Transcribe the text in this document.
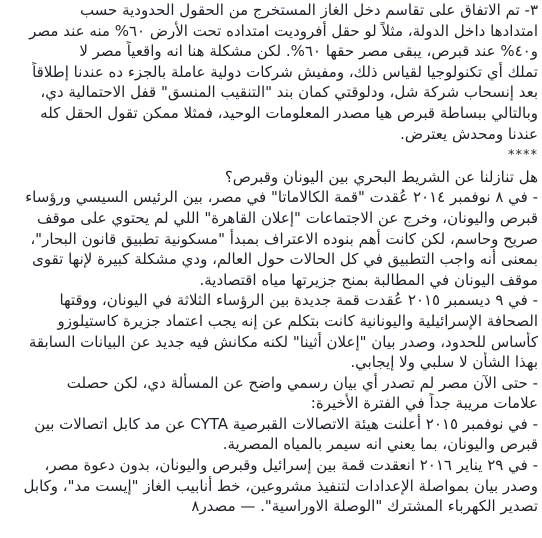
٣- تم الاتفاق على تقاسم دخل الغاز المستخرج من الحقول الحدودية حسب
امتدادها داخل الدولة، مثلاً لو حقل أفروديت امتداده تحت الأرض ٦٠% منه عند مصر
و٤٠% عند قبرص، يبقى مصر حقها ٦٠%. لكن مشكلة هنا انه واقعياً مصر لا
تملك أي تكنولوجيا لقياس ذلك، ومفيش شركات دولية عاملة بالجزء ده عندنا إطلاقاً
بعد إنسحاب شركة شل، ودلوقتي كمان بند "التنقيب المنسق" قفل الاحتمالية دي،
وبالتالي ببساطة قبرص هيا مصدر المعلومات الوحيد، فمثلا ممكن تقول الحقل كله
عندنا ومحدش يعترض.
****
هل تنازلنا عن الشريط البحري بين اليونان وقبرص؟
- في ٨ نوفمبر ٢٠١٤ عُقدت "قمة الكالاماتا" في مصر، بين الرئيس السيسي ورؤساء
قبرص واليونان، وخرج عن الاجتماعات "إعلان القاهرة" اللي لم يحتوي على موقف
صريح وحاسم، لكن كانت أهم بنوده الاعتراف بمبدأ "مسكونية تطبيق قانون البحار"،
بمعنى أنه واجب التطبيق في كل الحالات حول العالم، ودي مشكلة كبيرة لإنها تقوى
موقف اليونان في المطالبة بمنح جزيرتها مياه اقتصادية.
- في ٩ ديسمبر ٢٠١٥ عُقدت قمة جديدة بين الرؤساء الثلاثة في اليونان، ووقتها
الصحافة الإسرائيلية واليونانية كانت بتكلم عن إنه يجب اعتماد جزيرة كاستيلوزو
كأساس للحدود، وصدر بيان "إعلان أثينا" لكنه مكانش فيه جديد عن البيانات السابقة
بهذا الشأن لا سلبي ولا إيجابي.
- حتى الآن مصر لم تصدر أي بيان رسمي واضح عن المسألة دي، لكن حصلت
علامات مريبة جداً في الفترة الأخيرة:
- في نوفمبر ٢٠١٥ أعلنت هيئة الاتصالات القبرصية CYTA عن مد كابل اتصالات بين
قبرص واليونان، بما يعني انه سيمر بالمياه المصرية.
- في ٢٩ يناير ٢٠١٦ انعقدت قمة بين إسرائيل وقبرص واليونان، بدون دعوة مصر،
وصدر بيان بمواصلة الإعدادات لتنفيذ مشروعين، خط أنابيب الغاز "إيست مد"، وكابل
تصدير الكهرباء المشترك "الوصلة الاوراسية". — مصدر٨
